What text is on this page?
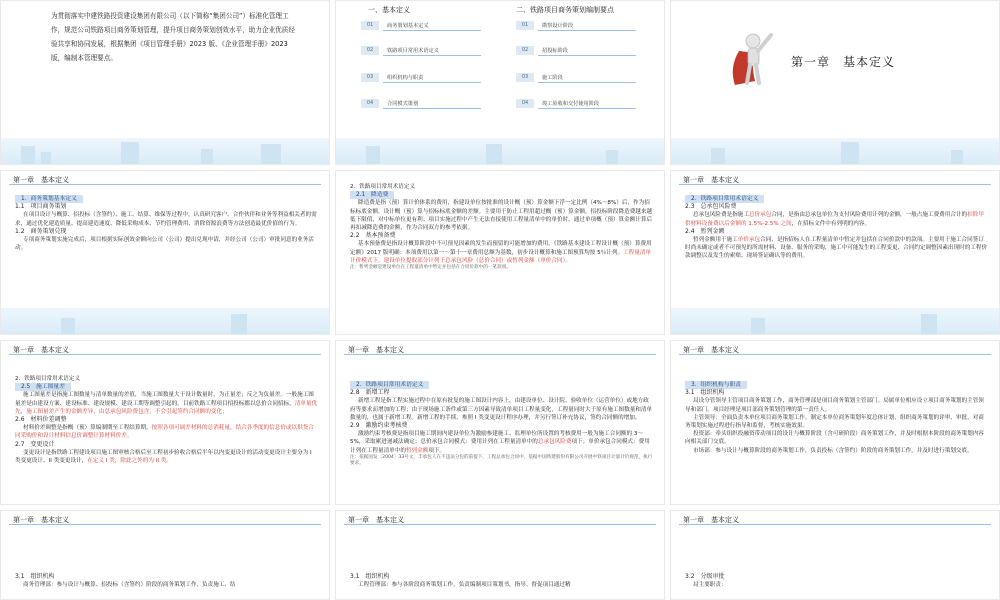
为贯彻落实中建铁路投资建设集团有限公司（以下简称“集团公司”）标准化管理工作，规范公司铁路项目商务策划管理，提升项目商务策划创效水平，助力企业优质经验共享和协同发展，根据集团《项目管理手册》2023 版、《企业管理手册》2023 版，编制本管理要点。
一、基本定义	二、铁路项目商务策划编制要点
01	商务策划基本定义
02	铁路项目常用术语定义
03	组织机构与职责
04	合同模式策划
01	勘察设计阶段
02	招投标阶段
03	施工阶段
04	竣工验收和交付使用阶段
第一章　基本定义
第一章　基本定义
1．商务策划基本定义
1.1　项目商务策划
在项目设计与概算、招投标（含签约）、施工、结算、维保等过程中，认真研究客户、合作伙伴和业务等利益相关者的需求，通过优化建造质量、提高建造速度、降低采购成本、节约管理费用、消除资源浪费等方法创造最优价值的行为。
1.2　商务策划兑现
专项商务策划实施完成后，项目根据实际创效金额向公司（公司）提出兑现申请，并经公司（公司）审批同意的业务活动。
2．铁路项目常用术语定义
2.1　降造费
降造费是指（预）算计价体系的费用，指建设单位按批准的设计概（预）算金额下浮一定比例（4%～8%）后，作为招标标底金额，设计概（预）算与招标标底金额的差额。主要用于防止工程用超过概（预）算金额，招投标阶段降造费越来越低下限值，对中标单位更有利；项目实施过程中产生无法直接使用工程量清单中的单价时，通过单项概（预）算金额计算后再扣减降造费的金额，作为合同双方的参考依据。
2.2　基本预备费
基本预备费是指设计概算阶段中不可预见因素的发生而预留的可能增加的费用。《铁路基本建设工程设计概（预）算费用定额》2017 版明确：本项费用以第一～第十一章费用总额为基数，初步设计概算和施工图预算均按 5％计列。工程量清单计价模式下，建设单位提取部分计列于总承包风险（总价合同）或暂列金额（单价合同）。
注：暂列金额是建设单位在工程量清单中暂定并包括在合同价款中的一笔款项。
第一章　基本定义
2．铁路项目常用术语定义
2.3　总承包风险费
总承包风险费是指施工总价承包合同，是指由总承包单位为支付风险费用计列的金额，一般占施工费费用合计的扣除甲供材料设备费以后金额的 1.5%-2.5% 之间，在招标文件中有列明的内容。
2.4　暂列金额
暂列金额用于施工单价承包合同，是指招标人在工程量清单中暂定并包括在合同价款中的款项。主要用于施工合同签订时尚未确定或者不可预见的所需材料、设备、服务的采购，施工中可能发生的工程变更、合同约定调整因素出现时的工程价款调整以及发生的索赔、现场签证确认等的费用。
2．铁路项目常用术语定义
2.5　施工图量差
施工图量差是指施工图数量与清单数量的差值，当施工图数量大于设计数量时，为正量差；反之为负量差。一般施工图量差是由建设方案、建设标准、建设规模、建设工期等调整引起的。目前铁路工程项目招投标都以总价合同招标，清单量优先，施工图量差产生的金额差异，由总承包风险费包含，不会引起签约合同额的变化；
2.6　材料价差调整
材料价差调整是指概（预）算编制期至工程结算期，按照各项可调差材料的总消耗量，结合各季度的信息价或以供货合同采购价和设计材料信息价调整计算材料价差。
2.7　变更设计
变更设计是指铁路工程建设项目施工图审核合格后至工程初步验收合格后半年以内变更设计的活动变更设计主要分为 I 类变更设计、II 类变更设计，在定义 I 类，除此之外的为 II 类。
第一章　基本定义	第一章　基本定义
2．铁路项目常用术语定义
2.8　新增工程
新增工程是指工程实施过程中在原有批复的施工图设计内容上，由建设单位、设计院、验收单位（运营单位）或地方政府等要求而增加的工程；由于现场施工条件或第三方因素导致清单项目工程量变化，工程量同时大于原有施工图数量和清单数量的，也属于新增工程。新增工程的手续，参照 I 类变更设计程序办理，并另行签订补充协议，签约合同额的增加。
2.9　激励约束考核费
激励约束考核费是指项目施工期间内建设单位为激励参建施工、监理单位所设置的考核费用一般为施工合同额的 3～5%，采取累进递减法确定；总价承包合同模式：费用计列在工程量清单中的总承包风险费项下；单价承包合同模式：费用计列在工程量清单中的暂列金额项下。
注：依据国发〔2004〕33号文，丰承包人在不违法分包的前提下，工程总承包合同中，依据中国铁建股份有限公司开展中铁项目计量计价规范，执行要求。
第一章　基本定义
3．组织机构与职责
3.1　组织机构
局设分管领导主管项目商务策划工作，商务管理部是项目商务策划主管部门。局属单位相应设立项目商务策划的主管领导和部门。项目经理是项目部商务策划管理的第一责任人。
主管领导：全面负责本单位项目商务策划工作。制定本单位商务策划年度总体计划，组织商务策划的评审、审批，对商务策划实施过程进行指导和监督，考核实施效果。
投资部：牵头组织投融资带动项目的设计与概算阶段（含可研阶段）商务策划工作，并及时根据本阶段的商务策划内容向相关部门交底。
市场部：参与设计与概算阶段的商务策划工作，负责投标（含签约）阶段的商务策划工作，并及时进行策划交底。
第一章　基本定义
3.1　组织机构
商务管理部：参与设计与概算、招投标（含签约）阶段的商务策划工作，负责施工、结
第一章　基本定义
3.1　组织机构
工程管理部：参与各阶段商务策划工作，负责编制项目策划书，指导、督促项目通过精
第一章　基本定义
3.2　分级审批
局主要职责：
